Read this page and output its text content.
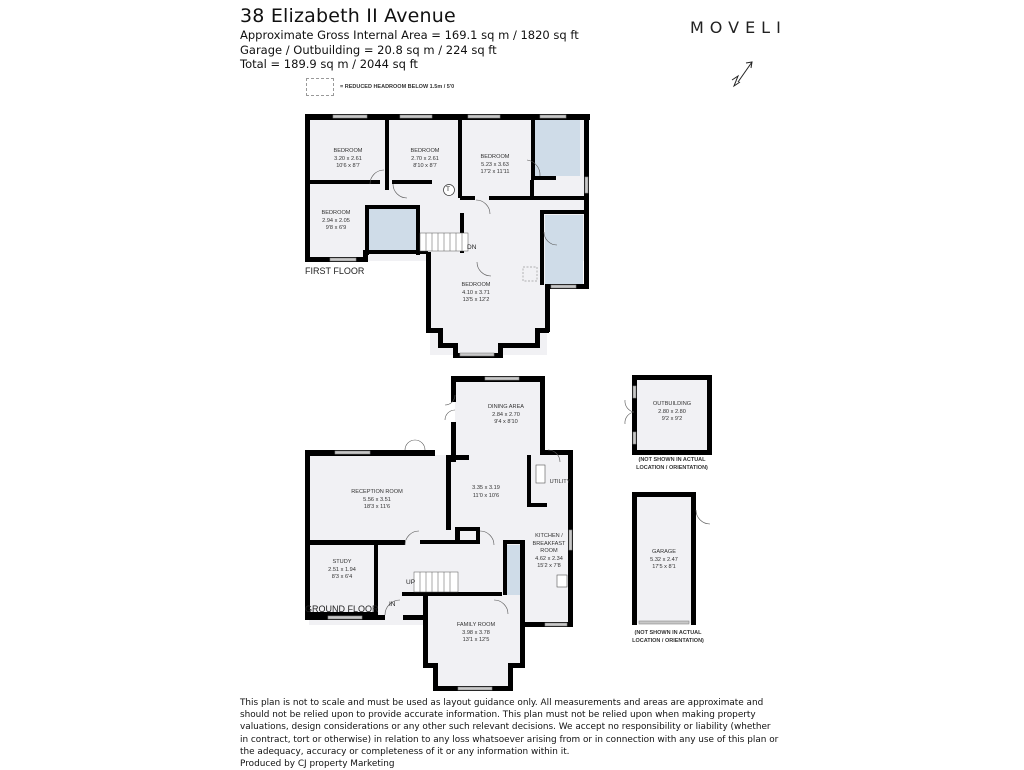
38 Elizabeth II Avenue
Approximate Gross Internal Area = 169.1 sq m / 1820 sq ft
Garage / Outbuilding = 20.8 sq m / 224 sq ft
Total = 189.9 sq m / 2044 sq ft
= REDUCED HEADROOM BELOW 1.5m / 5'0
MOVELI
BEDROOM
3.20 x 2.61
10'6 x 8'7
BEDROOM
2.70 x 2.61
8'10 x 8'7
BEDROOM
5.23 x 3.63
17'2 x 11'11
BEDROOM
2.94 x 2.05
9'8 x 6'9
BEDROOM
4.10 x 3.71
13'5 x 12'2
T
DN
FIRST FLOOR
DINING AREA
2.84 x 2.70
9'4 x 8'10
3.35 x 3.19
11'0 x 10'6
UTILITY
RECEPTION ROOM
5.56 x 3.51
18'3 x 11'6
KITCHEN /
BREAKFAST
ROOM
4.62 x 2.34
15'2 x 7'8
STUDY
2.51 x 1.94
8'3 x 6'4
FAMILY ROOM
3.98 x 3.78
13'1 x 12'5
UP
IN
GROUND FLOOR
OUTBUILDING
2.80 x 2.80
9'2 x 9'2
(NOT SHOWN IN ACTUAL
LOCATION / ORIENTATION)
GARAGE
5.32 x 2.47
17'5 x 8'1
(NOT SHOWN IN ACTUAL
LOCATION / ORIENTATION)
This plan is not to scale and must be used as layout guidance only. All measurements and areas are approximate and should not be relied upon to provide accurate information. This plan must not be relied upon when making property valuations, design considerations or any other such relevant decisions. We accept no responsibility or liability (whether in contract, tort or otherwise) in relation to any loss whatsoever arising from or in connection with any use of this plan or the adequacy, accuracy or completeness of it or any information within it.
Produced by CJ property Marketing
